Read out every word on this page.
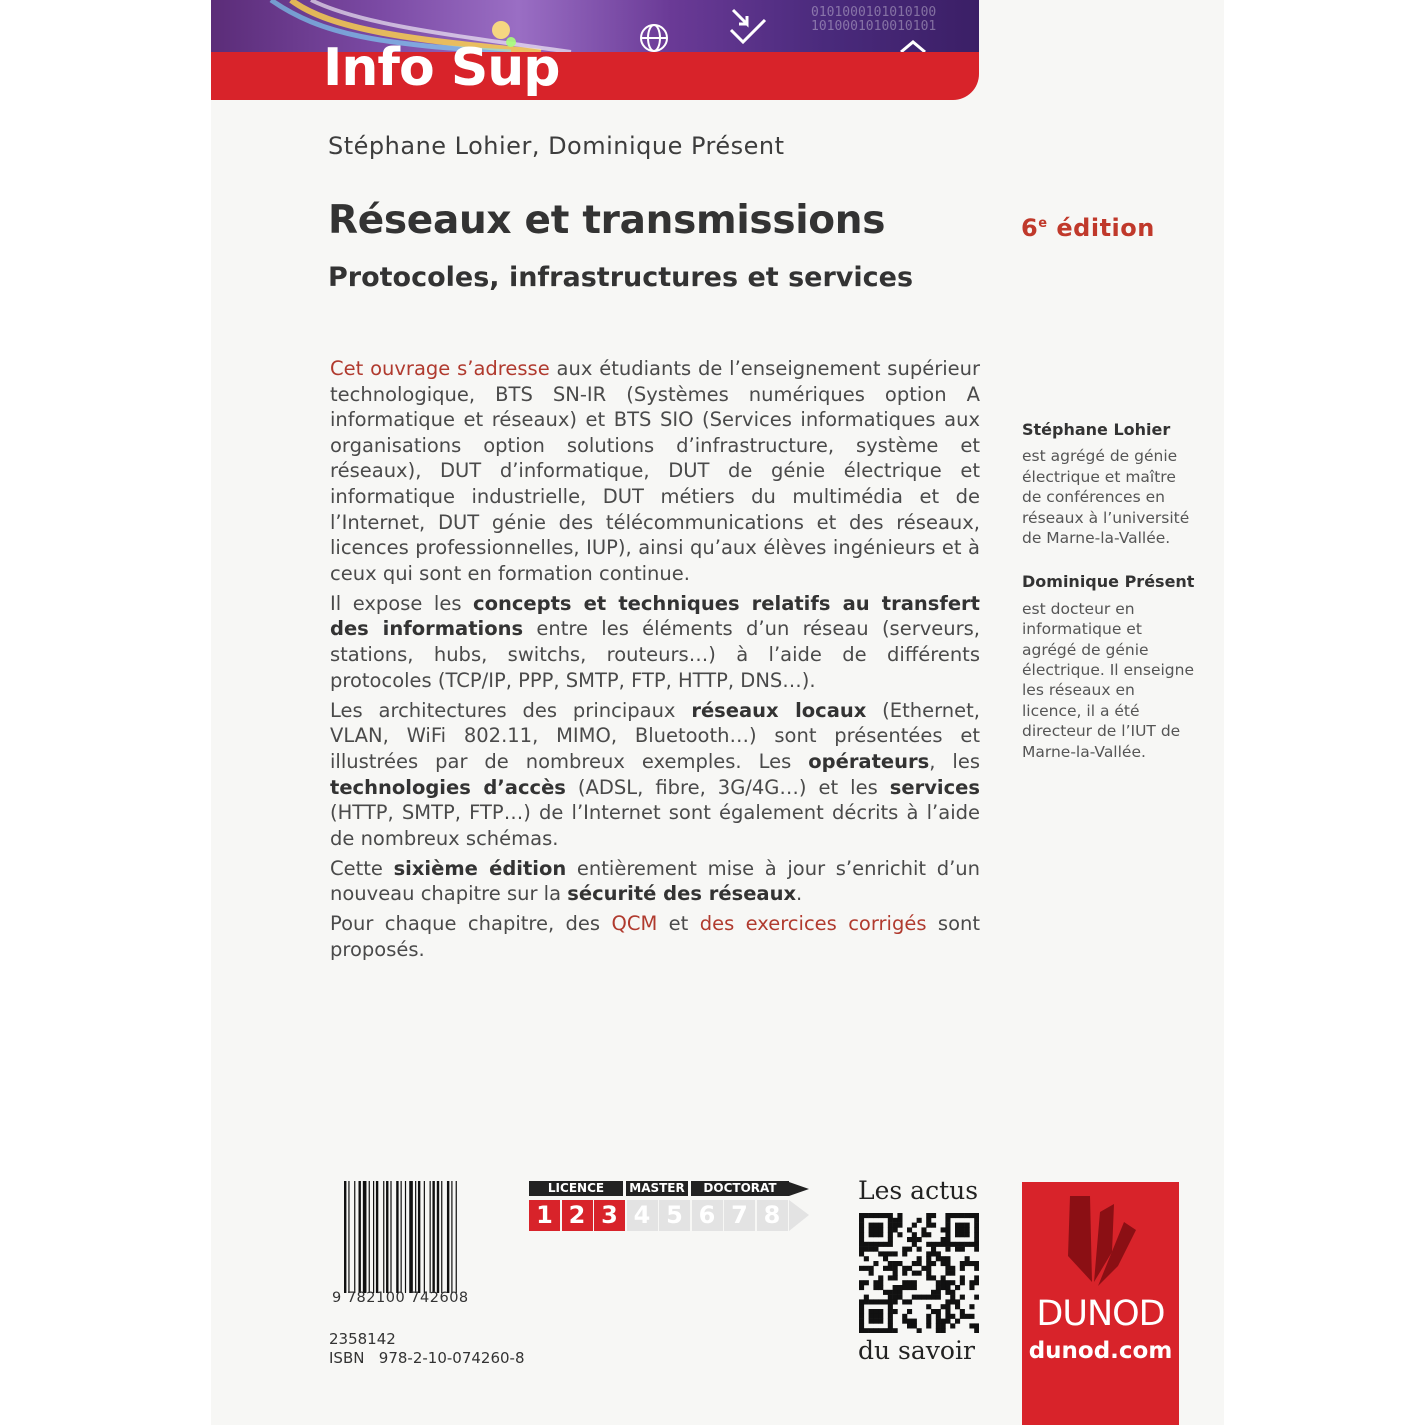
0101000101010100
1010001010010101
Info Sup
Stéphane Lohier, Dominique Présent
Réseaux et transmissions
Protocoles, infrastructures et services
6e édition

Cet ouvrage s’adresse aux étudiants de l’enseignement supérieur technologique, BTS SN-IR (Systèmes numériques option A informatique et réseaux) et BTS SIO (Services informatiques aux organisations option solutions d’infrastructure, système et réseaux), DUT d’informatique, DUT de génie électrique et informatique industrielle, DUT métiers du multimédia et de l’Internet, DUT génie des télécommunications et des réseaux, licences professionnelles, IUP), ainsi qu’aux élèves ingénieurs et à ceux qui sont en formation continue.

Il expose les concepts et techniques relatifs au transfert des informations entre les éléments d’un réseau (serveurs, stations, hubs, switchs, routeurs…) à l’aide de différents protocoles (TCP/IP, PPP, SMTP, FTP, HTTP, DNS…).

Les architectures des principaux réseaux locaux (Ethernet, VLAN, WiFi 802.11, MIMO, Bluetooth…) sont présentées et illustrées par de nombreux exemples. Les opérateurs, les technologies d’accès (ADSL, fibre, 3G/4G…) et les services (HTTP, SMTP, FTP…) de l’Internet sont également décrits à l’aide de nombreux schémas.

Cette sixième édition entièrement mise à jour s’enrichit d’un nouveau chapitre sur la sécurité des réseaux.

Pour chaque chapitre, des QCM et des exercices corrigés sont proposés.

Stéphane Lohier
est agrégé de génie électrique et maître de conférences en réseaux à l’université de Marne-la-Vallée.
Dominique Présent
est docteur en informatique et agrégé de génie électrique. Il enseigne les réseaux en licence, il a été directeur de l’IUT de Marne-la-Vallée.
9 782100 742608
2358142
ISBN 978-2-10-074260-8
LICENCE	MASTER	DOCTORAT
1 2 3 4 5 6 7 8
Les actus
du savoir
DUNOD
dunod.com
